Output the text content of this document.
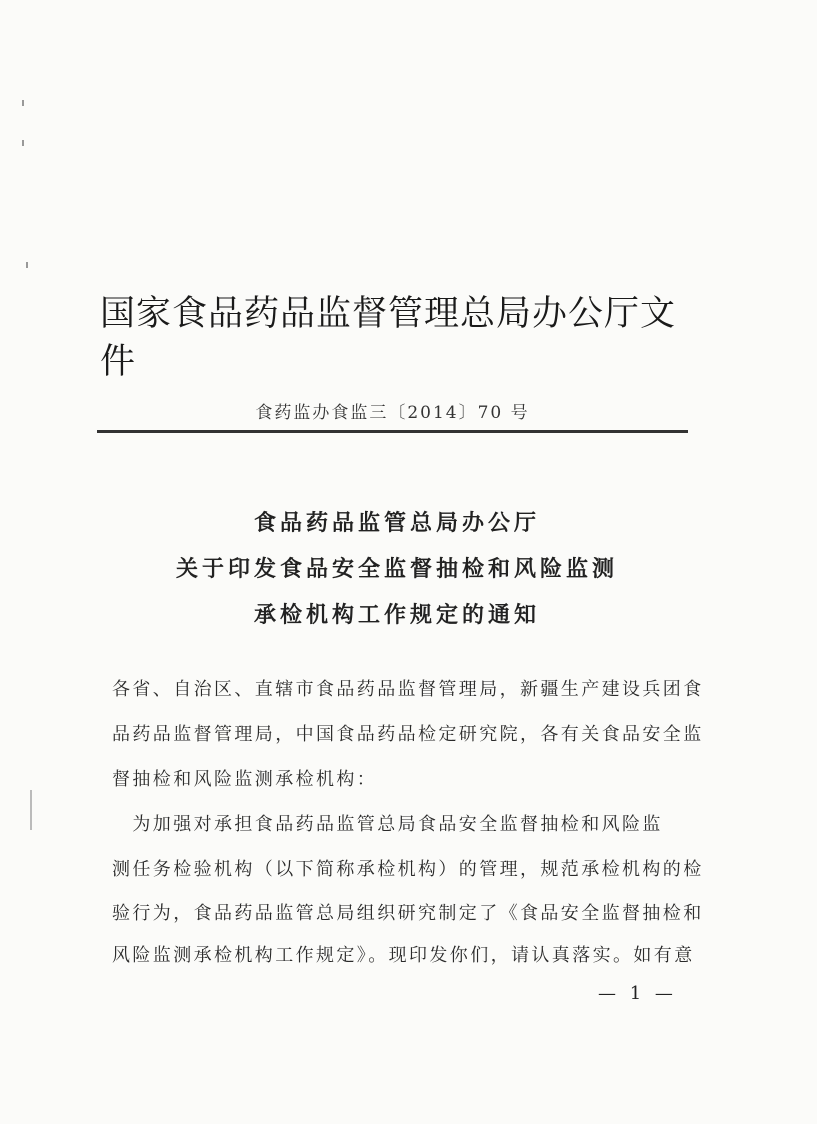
国家食品药品监督管理总局办公厅文件
食药监办食监三〔2014〕70 号
食品药品监管总局办公厅
关于印发食品安全监督抽检和风险监测
承检机构工作规定的通知
各省、自治区、直辖市食品药品监督管理局，新疆生产建设兵团食
品药品监督管理局，中国食品药品检定研究院，各有关食品安全监
督抽检和风险监测承检机构：
　为加强对承担食品药品监管总局食品安全监督抽检和风险监
测任务检验机构（以下简称承检机构）的管理，规范承检机构的检
验行为，食品药品监管总局组织研究制定了《食品安全监督抽检和
风险监测承检机构工作规定》。现印发你们，请认真落实。如有意
— 1 —
